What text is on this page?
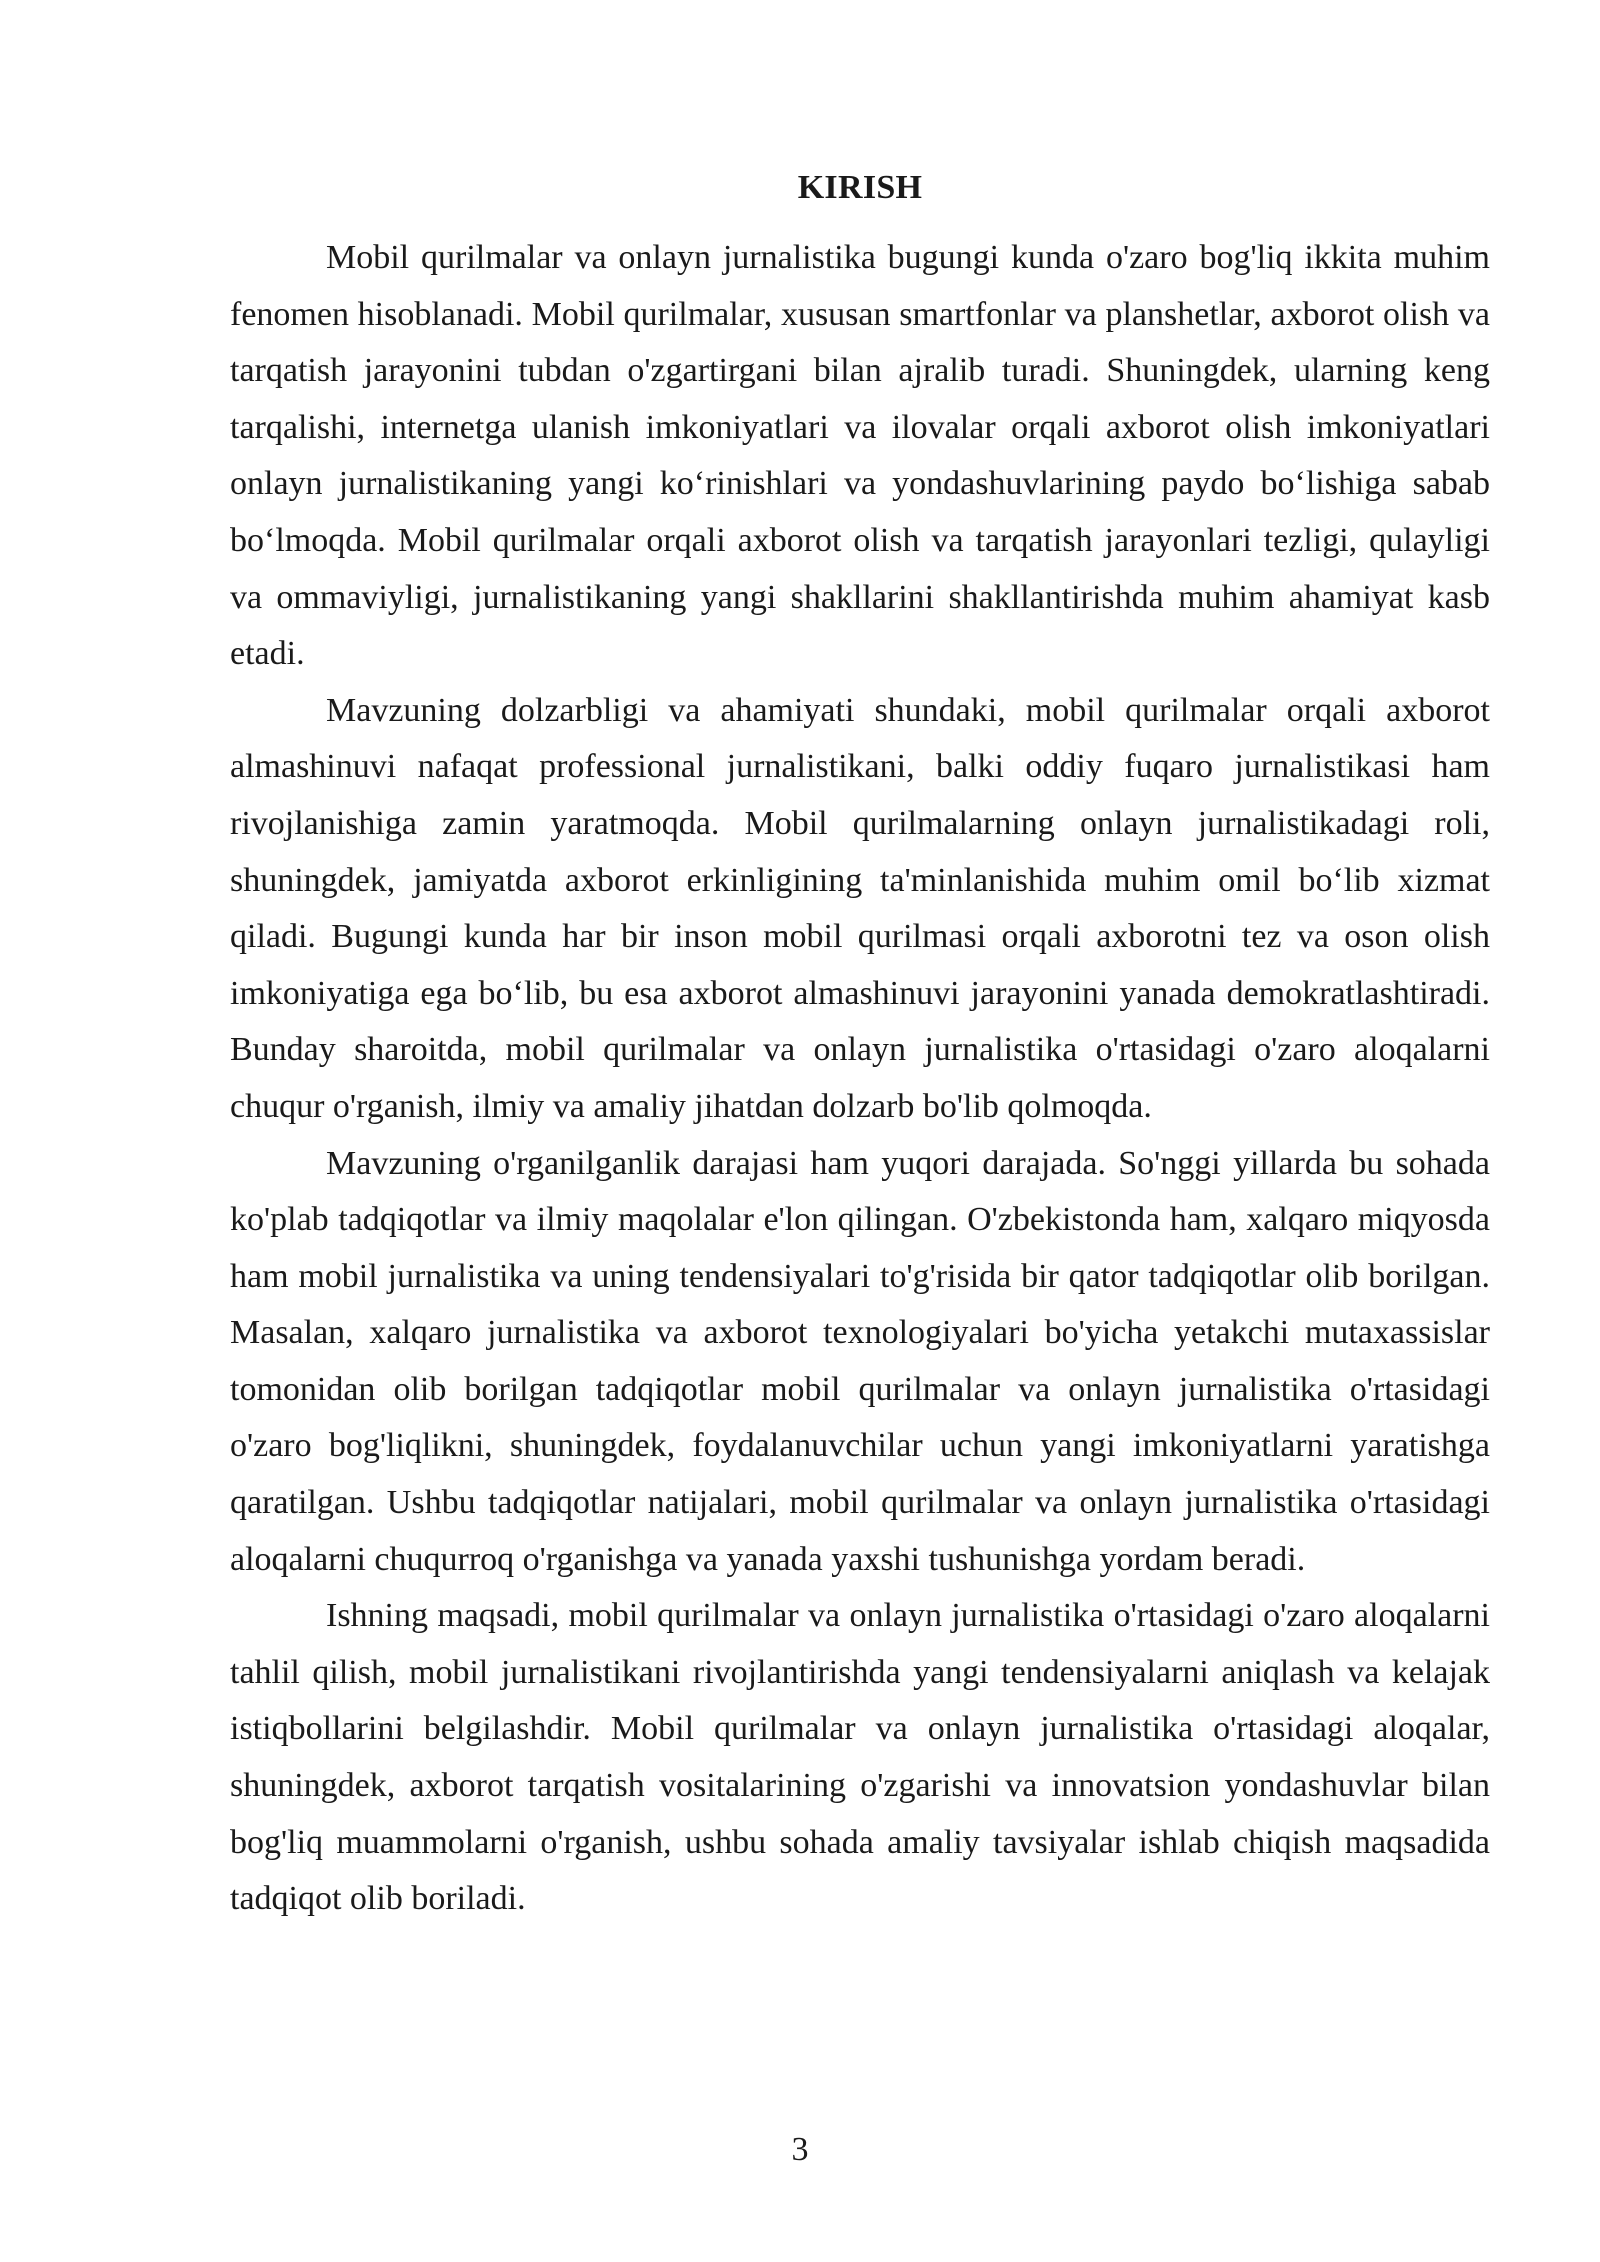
KIRISH

Mobil qurilmalar va onlayn jurnalistika bugungi kunda o'zaro bog'liq ikkita muhim fenomen hisoblanadi. Mobil qurilmalar, xususan smartfonlar va planshetlar, axborot olish va tarqatish jarayonini tubdan o'zgartirgani bilan ajralib turadi. Shuningdek, ularning keng tarqalishi, internetga ulanish imkoniyatlari va ilovalar orqali axborot olish imkoniyatlari onlayn jurnalistikaning yangi ko‘rinishlari va yondashuvlarining paydo bo‘lishiga sabab bo‘lmoqda. Mobil qurilmalar orqali axborot olish va tarqatish jarayonlari tezligi, qulayligi va ommaviyligi, jurnalistikaning yangi shakllarini shakllantirishda muhim ahamiyat kasb etadi.

Mavzuning dolzarbligi va ahamiyati shundaki, mobil qurilmalar orqali axborot almashinuvi nafaqat professional jurnalistikani, balki oddiy fuqaro jurnalistikasi ham rivojlanishiga zamin yaratmoqda. Mobil qurilmalarning onlayn jurnalistikadagi roli, shuningdek, jamiyatda axborot erkinligining ta'minlanishida muhim omil bo‘lib xizmat qiladi. Bugungi kunda har bir inson mobil qurilmasi orqali axborotni tez va oson olish imkoniyatiga ega bo‘lib, bu esa axborot almashinuvi jarayonini yanada demokratlashtiradi. Bunday sharoitda, mobil qurilmalar va onlayn jurnalistika o'rtasidagi o'zaro aloqalarni chuqur o'rganish, ilmiy va amaliy jihatdan dolzarb bo'lib qolmoqda.

Mavzuning o'rganilganlik darajasi ham yuqori darajada. So'nggi yillarda bu sohada ko'plab tadqiqotlar va ilmiy maqolalar e'lon qilingan. O'zbekistonda ham, xalqaro miqyosda ham mobil jurnalistika va uning tendensiyalari to'g'risida bir qator tadqiqotlar olib borilgan. Masalan, xalqaro jurnalistika va axborot texnologiyalari bo'yicha yetakchi mutaxassislar tomonidan olib borilgan tadqiqotlar mobil qurilmalar va onlayn jurnalistika o'rtasidagi o'zaro bog'liqlikni, shuningdek, foydalanuvchilar uchun yangi imkoniyatlarni yaratishga qaratilgan. Ushbu tadqiqotlar natijalari, mobil qurilmalar va onlayn jurnalistika o'rtasidagi aloqalarni chuqurroq o'rganishga va yanada yaxshi tushunishga yordam beradi.

Ishning maqsadi, mobil qurilmalar va onlayn jurnalistika o'rtasidagi o'zaro aloqalarni tahlil qilish, mobil jurnalistikani rivojlantirishda yangi tendensiyalarni aniqlash va kelajak istiqbollarini belgilashdir. Mobil qurilmalar va onlayn jurnalistika o'rtasidagi aloqalar, shuningdek, axborot tarqatish vositalarining o'zgarishi va innovatsion yondashuvlar bilan bog'liq muammolarni o'rganish, ushbu sohada amaliy tavsiyalar ishlab chiqish maqsadida tadqiqot olib boriladi.

3
